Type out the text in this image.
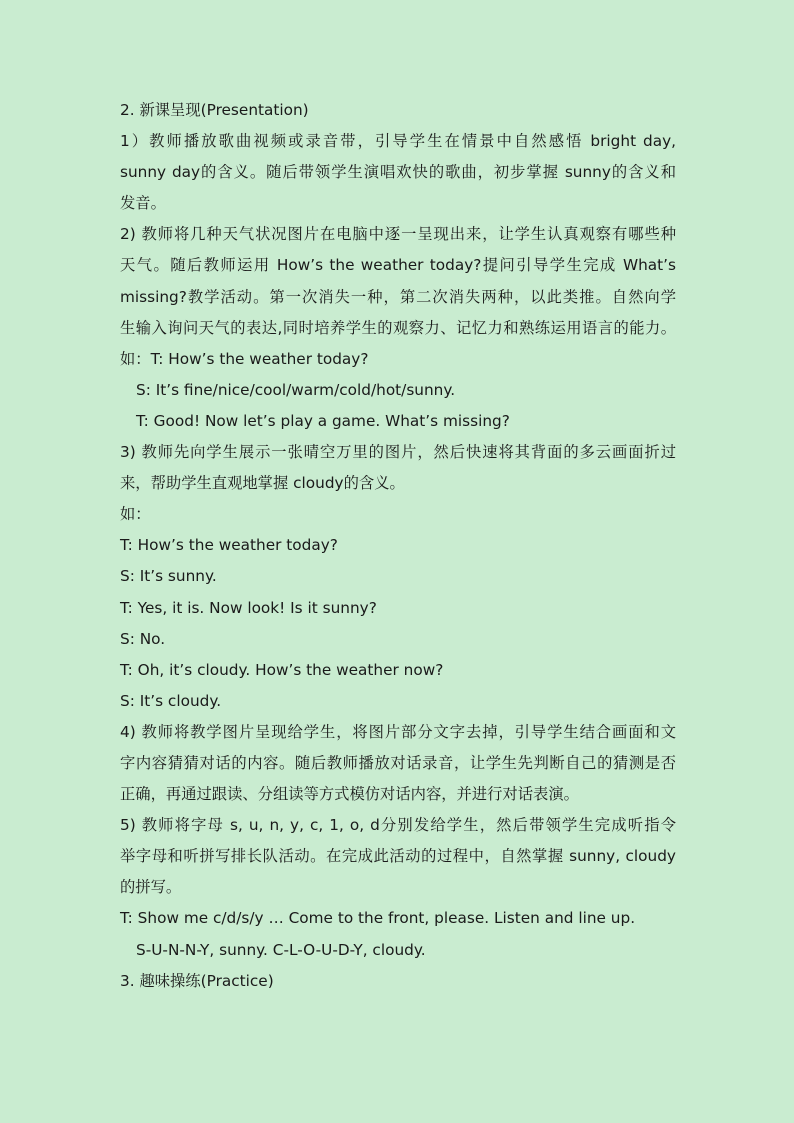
2. 新课呈现(Presentation)
1）教师播放歌曲视频或录音带，引导学生在情景中自然感悟 bright day,
sunny day的含义。随后带领学生演唱欢快的歌曲，初步掌握 sunny的含义和
发音。
2) 教师将几种天气状况图片在电脑中逐一呈现出来，让学生认真观察有哪些种
天气。随后教师运用 How’s the weather today?提问引导学生完成 What’s
missing?教学活动。第一次消失一种，第二次消失两种，以此类推。自然向学
生输入询问天气的表达,同时培养学生的观察力、记忆力和熟练运用语言的能力。
如：T: How’s the weather today?
S: It’s fine/nice/cool/warm/cold/hot/sunny.
T: Good! Now let’s play a game. What’s missing?
3) 教师先向学生展示一张晴空万里的图片，然后快速将其背面的多云画面折过
来，帮助学生直观地掌握 cloudy的含义。
如：
T: How’s the weather today?
S: It’s sunny.
T: Yes, it is. Now look! Is it sunny?
S: No.
T: Oh, it’s cloudy. How’s the weather now?
S: It’s cloudy.
4) 教师将教学图片呈现给学生，将图片部分文字去掉，引导学生结合画面和文
字内容猜猜对话的内容。随后教师播放对话录音，让学生先判断自己的猜测是否
正确，再通过跟读、分组读等方式模仿对话内容，并进行对话表演。
5) 教师将字母 s, u, n, y, c, 1, o, d分别发给学生，然后带领学生完成听指令
举字母和听拼写排长队活动。在完成此活动的过程中，自然掌握 sunny, cloudy
的拼写。
T: Show me c/d/s/y … Come to the front, please. Listen and line up.
S-U-N-N-Y, sunny. C-L-O-U-D-Y, cloudy.
3. 趣味操练(Practice)
